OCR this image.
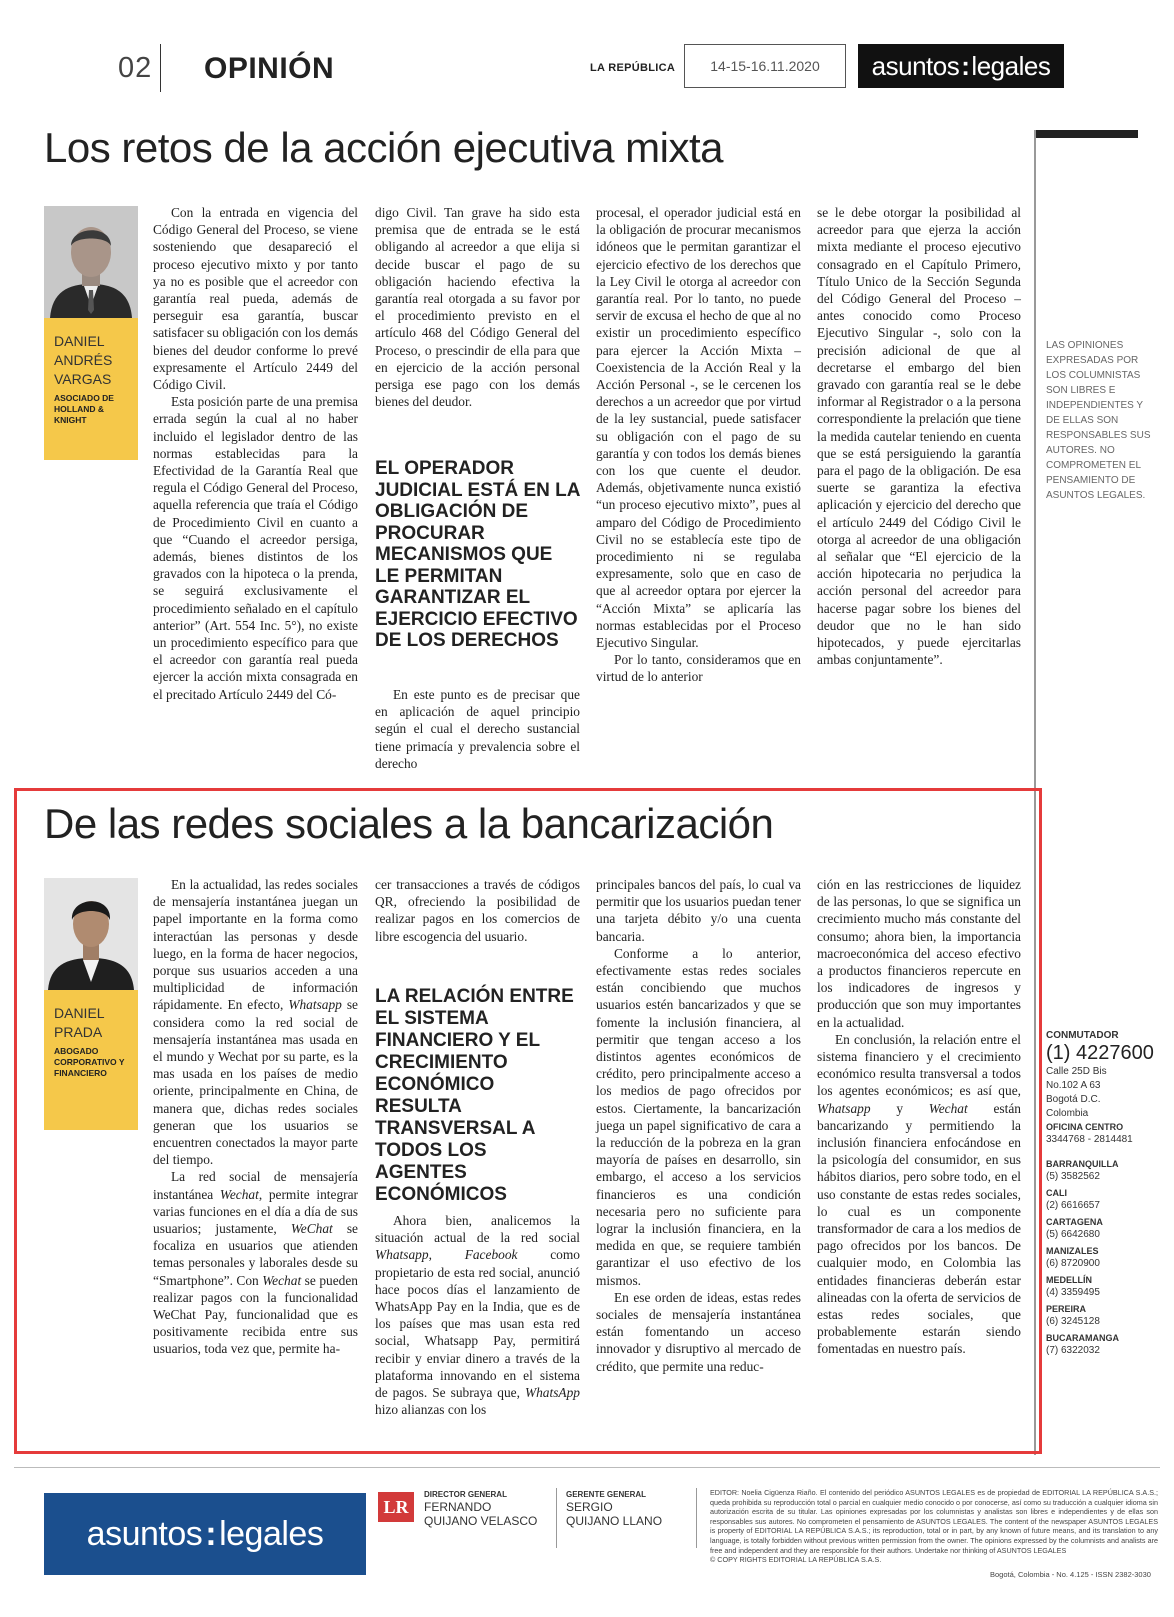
02 OPINIÓN	LA REPÚBLICA	14-15-16.11.2020	asuntos : legales
Los retos de la acción ejecutiva mixta
DANIEL ANDRÉS VARGAS
ASOCIADO DE HOLLAND & KNIGHT

Con la entrada en vigencia del Código General del Proceso, se viene sosteniendo que desapareció el proceso ejecutivo mixto y por tanto ya no es posible que el acreedor con garantía real pueda, además de perseguir esa garantía, buscar satisfacer su obligación con los demás bienes del deudor conforme lo prevé expresamente el Artículo 2449 del Código Civil.

Esta posición parte de una premisa errada según la cual al no haber incluido el legislador dentro de las normas establecidas para la Efectividad de la Garantía Real que regula el Código General del Proceso, aquella referencia que traía el Código de Procedimiento Civil en cuanto a que “Cuando el acreedor persiga, además, bienes distintos de los gravados con la hipoteca o la prenda, se seguirá exclusivamente el procedimiento señalado en el capítulo anterior” (Art. 554 Inc. 5°), no existe un procedimiento específico para que el acreedor con garantía real pueda ejercer la acción mixta consagrada en el precitado Artículo 2449 del Có-

digo Civil. Tan grave ha sido esta premisa que de entrada se le está obligando al acreedor a que elija si decide buscar el pago de su obligación haciendo efectiva la garantía real otorgada a su favor por el procedimiento previsto en el artículo 468 del Código General del Proceso, o prescindir de ella para que en ejercicio de la acción personal persiga ese pago con los demás bienes del deudor.

EL OPERADOR JUDICIAL ESTÁ EN LA OBLIGACIÓN DE PROCURAR MECANISMOS QUE LE PERMITAN GARANTIZAR EL EJERCICIO EFECTIVO DE LOS DERECHOS

En este punto es de precisar que en aplicación de aquel principio según el cual el derecho sustancial tiene primacía y prevalencia sobre el derecho

procesal, el operador judicial está en la obligación de procurar mecanismos idóneos que le permitan garantizar el ejercicio efectivo de los derechos que la Ley Civil le otorga al acreedor con garantía real. Por lo tanto, no puede servir de excusa el hecho de que al no existir un procedimiento específico para ejercer la Acción Mixta – Coexistencia de la Acción Real y la Acción Personal -, se le cercenen los derechos a un acreedor que por virtud de la ley sustancial, puede satisfacer su obligación con el pago de su garantía y con todos los demás bienes con los que cuente el deudor. Además, objetivamente nunca existió “un proceso ejecutivo mixto”, pues al amparo del Código de Procedimiento Civil no se establecía este tipo de procedimiento ni se regulaba expresamente, solo que en caso de que al acreedor optara por ejercer la “Acción Mixta” se aplicaría las normas establecidas por el Proceso Ejecutivo Singular.

Por lo tanto, consideramos que en virtud de lo anterior

se le debe otorgar la posibilidad al acreedor para que ejerza la acción mixta mediante el proceso ejecutivo consagrado en el Capítulo Primero, Título Unico de la Sección Segunda del Código General del Proceso – antes conocido como Proceso Ejecutivo Singular -, solo con la precisión adicional de que al decretarse el embargo del bien gravado con garantía real se le debe informar al Registrador o a la persona correspondiente la prelación que tiene la medida cautelar teniendo en cuenta que se está persiguiendo la garantía para el pago de la obligación. De esa suerte se garantiza la efectiva aplicación y ejercicio del derecho que el artículo 2449 del Código Civil le otorga al acreedor de una obligación al señalar que “El ejercicio de la acción hipotecaria no perjudica la acción personal del acreedor para hacerse pagar sobre los bienes del deudor que no le han sido hipotecados, y puede ejercitarlas ambas conjuntamente”.

LAS OPINIONES EXPRESADAS POR LOS COLUMNISTAS SON LIBRES E INDEPENDIENTES Y DE ELLAS SON RESPONSABLES SUS AUTORES. NO COMPROMETEN EL PENSAMIENTO DE ASUNTOS LEGALES.
De las redes sociales a la bancarización
DANIEL PRADA
ABOGADO CORPORATIVO Y FINANCIERO

En la actualidad, las redes sociales de mensajería instantánea juegan un papel importante en la forma como interactúan las personas y desde luego, en la forma de hacer negocios, porque sus usuarios acceden a una multiplicidad de información rápidamente. En efecto, Whatsapp se considera como la red social de mensajería instantánea mas usada en el mundo y Wechat por su parte, es la mas usada en los países de medio oriente, principalmente en China, de manera que, dichas redes sociales generan que los usuarios se encuentren conectados la mayor parte del tiempo.

La red social de mensajería instantánea Wechat, permite integrar varias funciones en el día a día de sus usuarios; justamente, WeChat se focaliza en usuarios que atienden temas personales y laborales desde su “Smartphone”. Con Wechat se pueden realizar pagos con la funcionalidad WeChat Pay, funcionalidad que es positivamente recibida entre sus usuarios, toda vez que, permite ha-

cer transacciones a través de códigos QR, ofreciendo la posibilidad de realizar pagos en los comercios de libre escogencia del usuario.

LA RELACIÓN ENTRE EL SISTEMA FINANCIERO Y EL CRECIMIENTO ECONÓMICO RESULTA TRANSVERSAL A TODOS LOS AGENTES ECONÓMICOS

Ahora bien, analicemos la situación actual de la red social Whatsapp, Facebook como propietario de esta red social, anunció hace pocos días el lanzamiento de WhatsApp Pay en la India, que es de los países que mas usan esta red social, Whatsapp Pay, permitirá recibir y enviar dinero a través de la plataforma innovando en el sistema de pagos. Se subraya que, WhatsApp hizo alianzas con los

principales bancos del país, lo cual va permitir que los usuarios puedan tener una tarjeta débito y/o una cuenta bancaria.

Conforme a lo anterior, efectivamente estas redes sociales están concibiendo que muchos usuarios estén bancarizados y que se fomente la inclusión financiera, al permitir que tengan acceso a los distintos agentes económicos de crédito, pero principalmente acceso a los medios de pago ofrecidos por estos. Ciertamente, la bancarización juega un papel significativo de cara a la reducción de la pobreza en la gran mayoría de países en desarrollo, sin embargo, el acceso a los servicios financieros es una condición necesaria pero no suficiente para lograr la inclusión financiera, en la medida en que, se requiere también garantizar el uso efectivo de los mismos.

En ese orden de ideas, estas redes sociales de mensajería instantánea están fomentando un acceso innovador y disruptivo al mercado de crédito, que permite una reduc-

ción en las restricciones de liquidez de las personas, lo que se significa un crecimiento mucho más constante del consumo; ahora bien, la importancia macroeconómica del acceso efectivo a productos financieros repercute en los indicadores de ingresos y producción que son muy importantes en la actualidad.

En conclusión, la relación entre el sistema financiero y el crecimiento económico resulta transversal a todos los agentes económicos; es así que, Whatsapp y Wechat están bancarizando y permitiendo la inclusión financiera enfocándose en la psicología del consumidor, en sus hábitos diarios, pero sobre todo, en el uso constante de estas redes sociales, lo cual es un componente transformador de cara a los medios de pago ofrecidos por los bancos. De cualquier modo, en Colombia las entidades financieras deberán estar alineadas con la oferta de servicios de estas redes sociales, que probablemente estarán siendo fomentadas en nuestro país.

CONMUTADOR
(1) 4227600
Calle 25D Bis
No.102 A 63
Bogotá D.C.
Colombia
OFICINA CENTRO
3344768 - 2814481
BARRANQUILLA
(5) 3582562
CALI
(2) 6616657
CARTAGENA
(5) 6642680
MANIZALES
(6) 8720900
MEDELLÍN
(4) 3359495
PEREIRA
(6) 3245128
BUCARAMANGA
(7) 6322032
asuntos : legales
LR
DIRECTOR GENERAL
FERNANDO
QUIJANO VELASCO
GERENTE GENERAL
SERGIO
QUIJANO LLANO
EDITOR: Noelia Cigüenza Riaño. El contenido del periódico ASUNTOS LEGALES es de propiedad de EDITORIAL LA REPÚBLICA S.A.S.; queda prohibida su reproducción total o parcial en cualquier medio conocido o por conocerse, así como su traducción a cualquier idioma sin autorización escrita de su titular. Las opiniones expresadas por los columnistas y analistas son libres e independientes y de ellas son responsables sus autores. No comprometen el pensamiento de ASUNTOS LEGALES. The content of the newspaper ASUNTOS LEGALES is property of EDITORIAL LA REPÚBLICA S.A.S.; its reproduction, total or in part, by any known of future means, and its translation to any language, is totally forbidden without previous written permission from the owner. The opinions expressed by the columnists and analists are free and independent and they are responsible for their authors. Undertake nor thinking of ASUNTOS LEGALES
© COPY RIGHTS EDITORIAL LA REPÚBLICA S.A.S.
Bogotá, Colombia - No. 4.125 - ISSN 2382-3030
